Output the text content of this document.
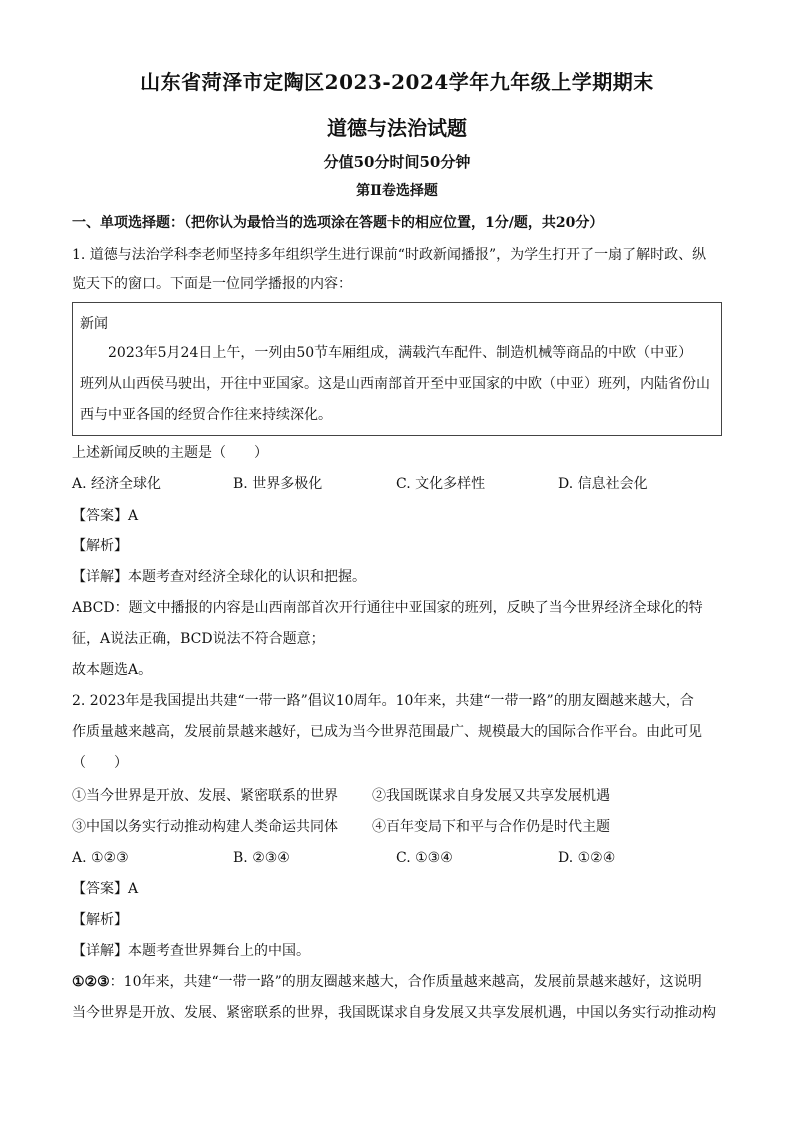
山东省菏泽市定陶区2023-2024学年九年级上学期期末
道德与法治试题
分值50分时间50分钟
第Ⅱ卷选择题
一、单项选择题：（把你认为最恰当的选项涂在答题卡的相应位置，1分/题，共20分）
1. 道德与法治学科李老师坚持多年组织学生进行课前“时政新闻播报”，为学生打开了一扇了解时政、纵
览天下的窗口。下面是一位同学播报的内容：
新闻
2023年5月24日上午，一列由50节车厢组成，满载汽车配件、制造机械等商品的中欧（中亚）
班列从山西侯马驶出，开往中亚国家。这是山西南部首开至中亚国家的中欧（中亚）班列，内陆省份山
西与中亚各国的经贸合作往来持续深化。
上述新闻反映的主题是（　　）
A. 经济全球化	B. 世界多极化	C. 文化多样性	D. 信息社会化
【答案】A
【解析】
【详解】本题考查对经济全球化的认识和把握。
ABCD：题文中播报的内容是山西南部首次开行通往中亚国家的班列，反映了当今世界经济全球化的特
征，A说法正确，BCD说法不符合题意；
故本题选A。
2. 2023年是我国提出共建“一带一路”倡议10周年。10年来，共建“一带一路”的朋友圈越来越大，合
作质量越来越高，发展前景越来越好，已成为当今世界范围最广、规模最大的国际合作平台。由此可见
（　　）
①当今世界是开放、发展、紧密联系的世界 ②我国既谋求自身发展又共享发展机遇
③中国以务实行动推动构建人类命运共同体 ④百年变局下和平与合作仍是时代主题
A. ①②③	B. ②③④	C. ①③④	D. ①②④
【答案】A
【解析】
【详解】本题考查世界舞台上的中国。
①②③：10年来，共建“一带一路”的朋友圈越来越大，合作质量越来越高，发展前景越来越好，这说明
当今世界是开放、发展、紧密联系的世界，我国既谋求自身发展又共享发展机遇，中国以务实行动推动构
